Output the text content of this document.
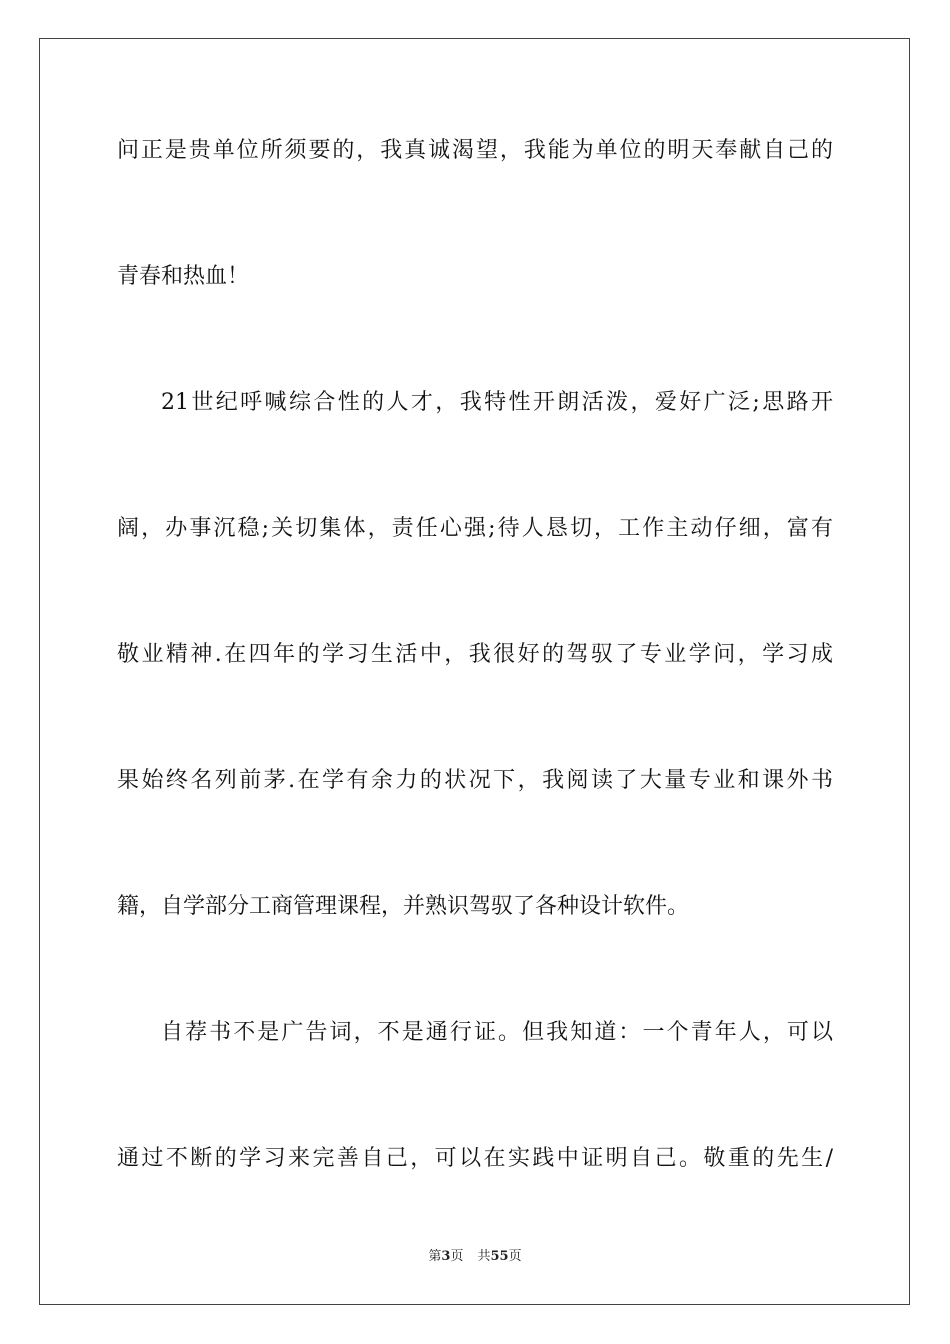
问正是贵单位所须要的，我真诚渴望，我能为单位的明天奉献自己的
青春和热血！
21世纪呼喊综合性的人才，我特性开朗活泼，爱好广泛;思路开
阔，办事沉稳;关切集体，责任心强;待人恳切，工作主动仔细，富有
敬业精神.在四年的学习生活中，我很好的驾驭了专业学问，学习成
果始终名列前茅.在学有余力的状况下，我阅读了大量专业和课外书
籍，自学部分工商管理课程，并熟识驾驭了各种设计软件。
自荐书不是广告词，不是通行证。但我知道：一个青年人，可以
通过不断的学习来完善自己，可以在实践中证明自己。敬重的先生/
第3页 共55页
